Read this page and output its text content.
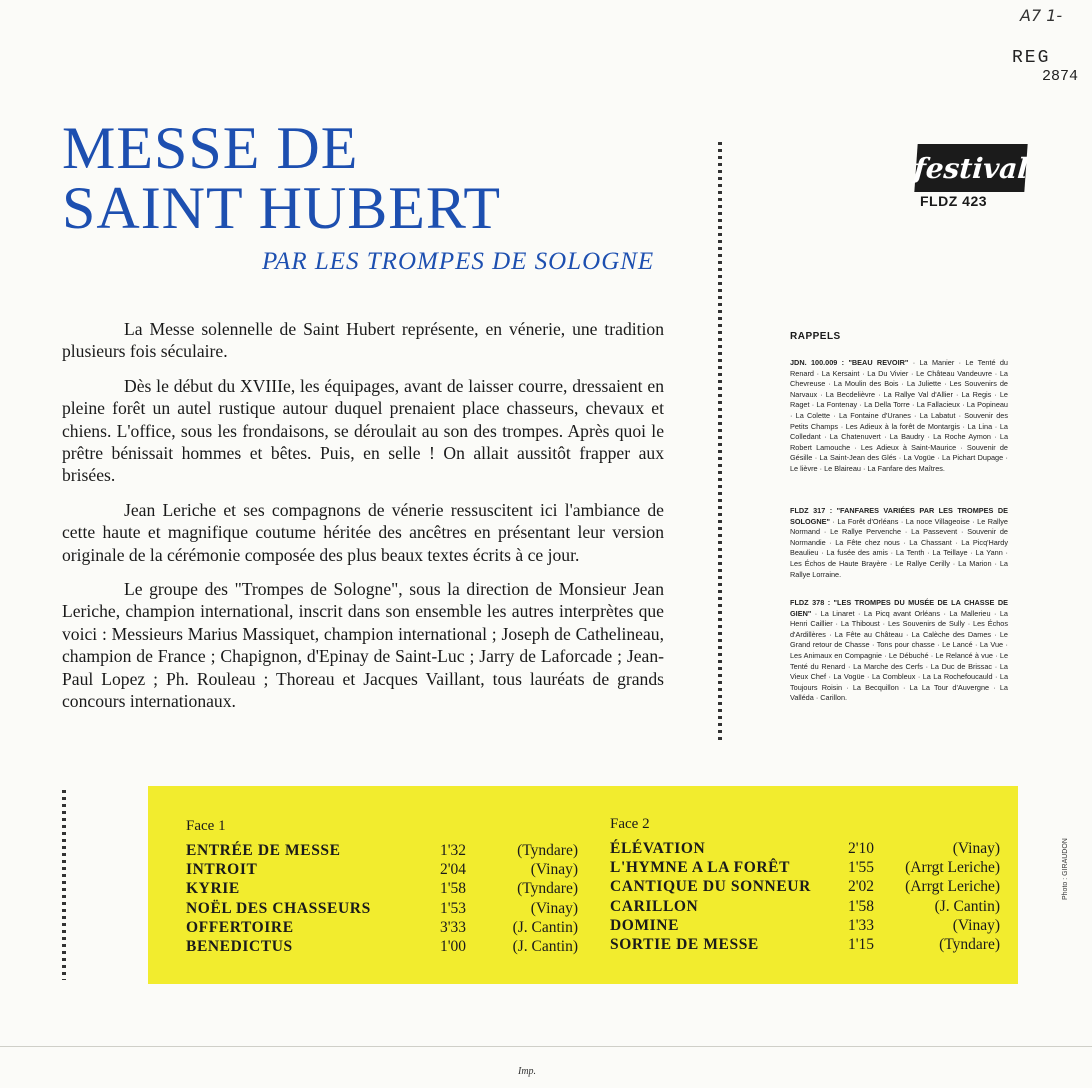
A7 1-
REG
2874
MESSE DE
SAINT HUBERT
PAR LES TROMPES DE SOLOGNE
festival
FLDZ 423

La Messe solennelle de Saint Hubert représente, en vénerie, une tradition plusieurs fois séculaire.

Dès le début du XVIIIe, les équipages, avant de laisser courre, dressaient en pleine forêt un autel rustique autour duquel prenaient place chasseurs, chevaux et chiens. L'office, sous les frondaisons, se déroulait au son des trompes. Après quoi le prêtre bénissait hommes et bêtes. Puis, en selle ! On allait aussitôt frapper aux brisées.

Jean Leriche et ses compagnons de vénerie ressuscitent ici l'ambiance de cette haute et magnifique coutume héritée des ancêtres en présentant leur version originale de la cérémonie composée des plus beaux textes écrits à ce jour.

Le groupe des "Trompes de Sologne", sous la direction de Monsieur Jean Leriche, champion international, inscrit dans son ensemble les autres interprètes que voici : Messieurs Marius Massiquet, champion international ; Joseph de Cathelineau, champion de France ; Chapignon, d'Epinay de Saint-Luc ; Jarry de Laforcade ; Jean-Paul Lopez ; Ph. Rouleau ; Thoreau et Jacques Vaillant, tous lauréats de grands concours internationaux.

RAPPELS
JDN. 100.009 : "BEAU REVOIR" · La Manier · Le Tenté du Renard · La Kersaint · La Du Vivier · Le Château Vandeuvre · La Chevreuse · La Moulin des Bois · La Juliette · Les Souvenirs de Narvaux · La Becdelièvre · La Rallye Val d'Allier · La Regis · Le Raget · La Fontenay · La Della Torre · La Fallacieux · La Popineau · La Colette · La Fontaine d'Uranes · La Labatut · Souvenir des Petits Champs · Les Adieux à la forêt de Montargis · La Lina · La Colledant · La Chatenuvert · La Baudry · La Roche Aymon · La Robert Lamouche · Les Adieux à Saint-Maurice · Souvenir de Gésille · La Saint-Jean des Glés · La Vogüe · La Pichart Dupage · Le lièvre · Le Blaireau · La Fanfare des Maîtres.
FLDZ 317 : "FANFARES VARIÉES PAR LES TROMPES DE SOLOGNE" · La Forêt d'Orléans · La noce Villageoise · Le Rallye Normand · Le Rallye Pervenche · La Passevent · Souvenir de Normandie · La Fête chez nous · La Chassant · La Picq'Hardy Beaulieu · La fusée des amis · La Tenth · La Teillaye · La Yann · Les Échos de Haute Brayère · Le Rallye Cerilly · La Marion · La Rallye Lorraine.
FLDZ 378 : "LES TROMPES DU MUSÉE DE LA CHASSE DE GIEN" · La Linaret · La Picq avant Orléans · La Mallerieu · La Henri Caillier · La Thiboust · Les Souvenirs de Sully · Les Échos d'Ardillères · La Fête au Château · La Calèche des Dames · Le Grand retour de Chasse · Tons pour chasse · Le Lancé · La Vue · Les Animaux en Compagnie · Le Débuché · Le Relancé à vue · Le Tenté du Renard · La Marche des Cerfs · La Duc de Brissac · La Vieux Chef · La Vogüe · La Combleux · La La Rochefoucauld · La Toujours Roisin · La Becquillon · La La Tour d'Auvergne · La Valléda · Carillon.
Face 1	Face 2
ENTRÉE DE MESSE	1'32	(Tyndare)
INTROIT	2'04	(Vinay)
KYRIE	1'58	(Tyndare)
NOËL DES CHASSEURS	1'53	(Vinay)
OFFERTOIRE	3'33	(J. Cantin)
BENEDICTUS	1'00	(J. Cantin)
ÉLÉVATION	2'10	(Vinay)
L'HYMNE A LA FORÊT	1'55 (Arrgt Leriche)
CANTIQUE DU SONNEUR 2'02 (Arrgt Leriche)
CARILLON	1'58	(J. Cantin)
DOMINE	1'33	(Vinay)
SORTIE DE MESSE	1'15	(Tyndare)
Photo : GIRAUDON
Imp.
